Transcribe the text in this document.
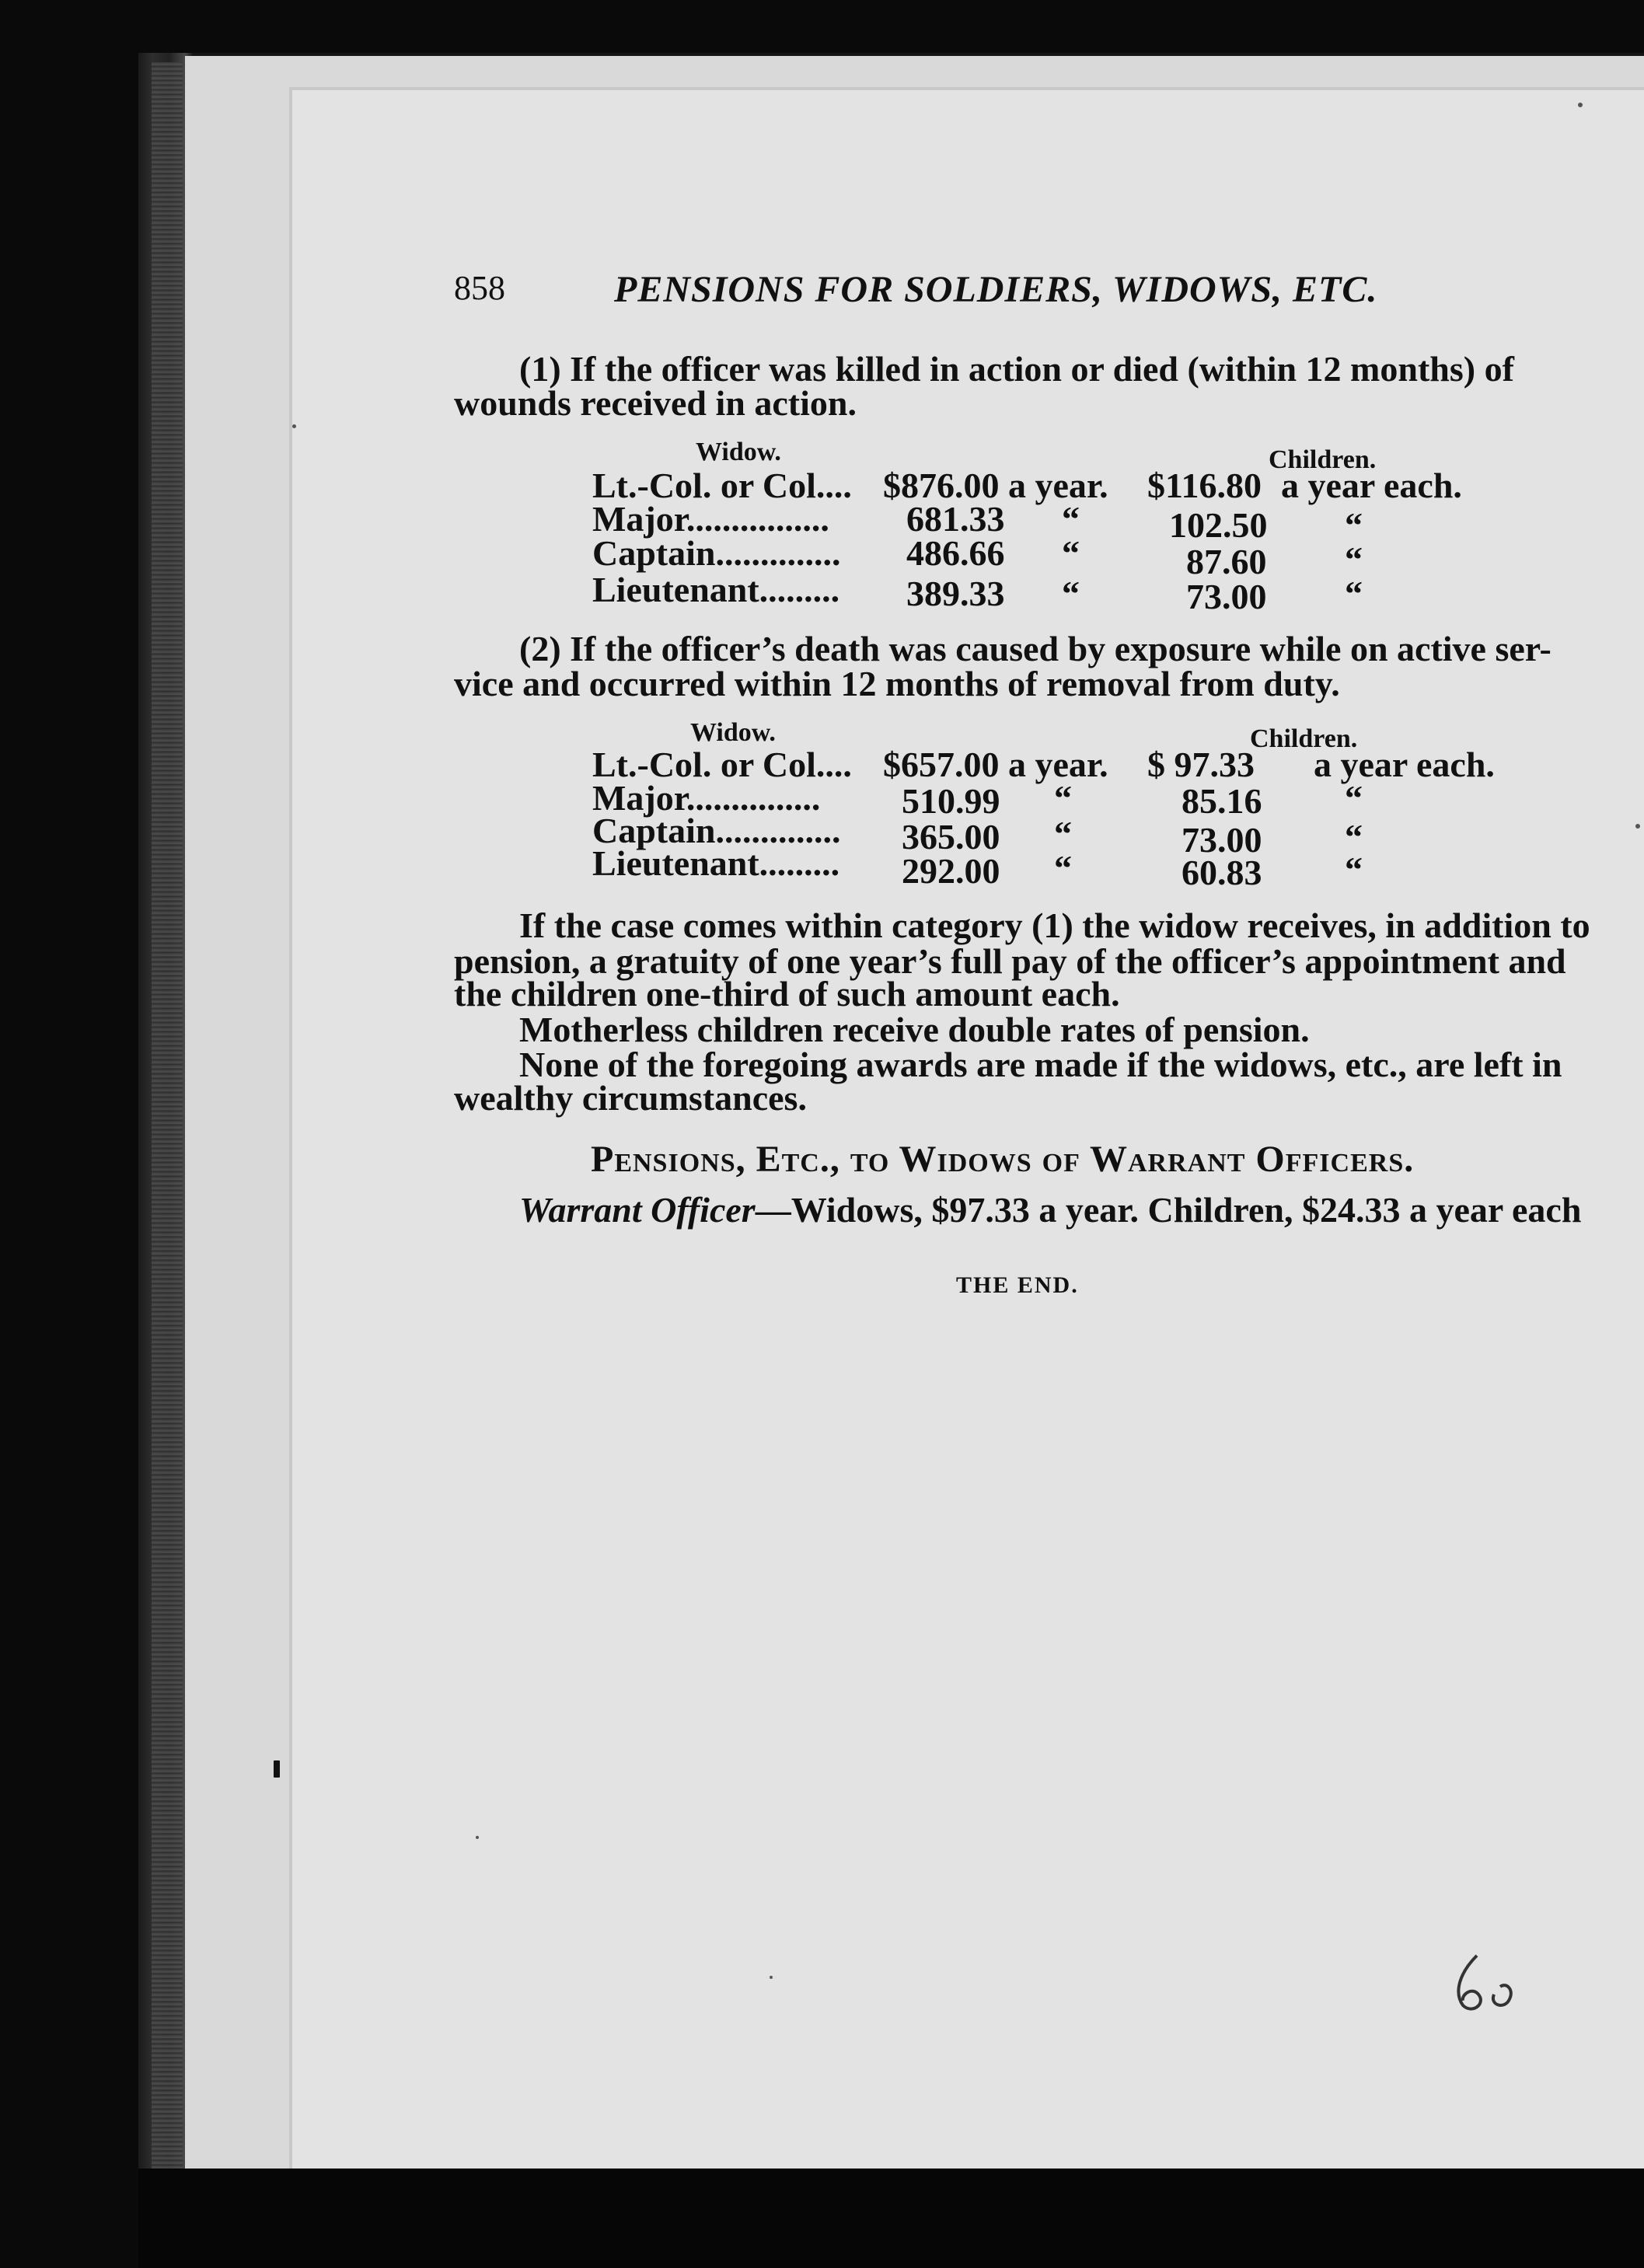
858	PENSIONS FOR SOLDIERS, WIDOWS, ETC.
(1) If the officer was killed in action or died (within 12 months) of
wounds received in action.
Widow.	Children.
Lt.-Col. or Col.... $876.00 a year. $116.80 a year each.
Major................ 681.33 “	102.50 “
Captain.............. 486.66 “	87.60 “
Lieutenant......... 389.33 “	73.00 “
(2) If the officer’s death was caused by exposure while on active ser-
vice and occurred within 12 months of removal from duty.
Widow.	Children.
Lt.-Col. or Col.... $657.00 a year. $ 97.33 a year each.
Major............... 510.99 “	85.16 “
Captain.............. 365.00 “	73.00 “
Lieutenant......... 292.00 “	60.83 “
If the case comes within category (1) the widow receives, in addition to
pension, a gratuity of one year’s full pay of the officer’s appointment and
the children one-third of such amount each.
Motherless children receive double rates of pension.
None of the foregoing awards are made if the widows, etc., are left in
wealthy circumstances.
Pensions, Etc., to Widows of Warrant Officers.
Warrant Officer—Widows, $97.33 a year. Children, $24.33 a year each
THE END.
